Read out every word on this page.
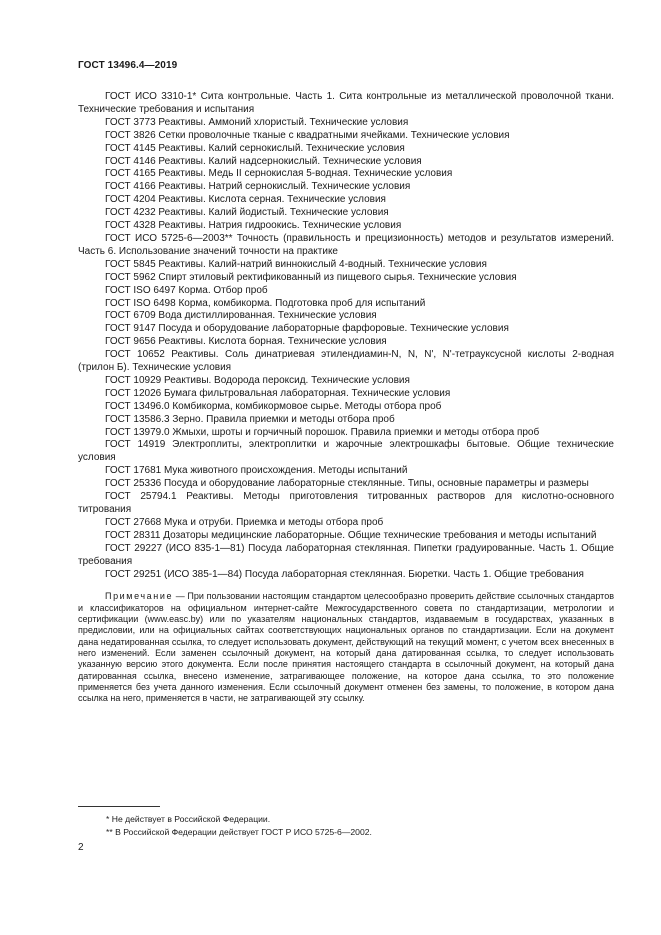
ГОСТ 13496.4—2019
ГОСТ ИСО 3310-1* Сита контрольные. Часть 1. Сита контрольные из металлической проволочной ткани. Технические требования и испытания
ГОСТ 3773 Реактивы. Аммоний хлористый. Технические условия
ГОСТ 3826 Сетки проволочные тканые с квадратными ячейками. Технические условия
ГОСТ 4145 Реактивы. Калий сернокислый. Технические условия
ГОСТ 4146 Реактивы. Калий надсернокислый. Технические условия
ГОСТ 4165 Реактивы. Медь II сернокислая 5-водная. Технические условия
ГОСТ 4166 Реактивы. Натрий сернокислый. Технические условия
ГОСТ 4204 Реактивы. Кислота серная. Технические условия
ГОСТ 4232 Реактивы. Калий йодистый. Технические условия
ГОСТ 4328 Реактивы. Натрия гидроокись. Технические условия
ГОСТ ИСО 5725-6—2003** Точность (правильность и прецизионность) методов и результатов измерений. Часть 6. Использование значений точности на практике
ГОСТ 5845 Реактивы. Калий-натрий виннокислый 4-водный. Технические условия
ГОСТ 5962 Спирт этиловый ректификованный из пищевого сырья. Технические условия
ГОСТ ISO 6497 Корма. Отбор проб
ГОСТ ISO 6498 Корма, комбикорма. Подготовка проб для испытаний
ГОСТ 6709 Вода дистиллированная. Технические условия
ГОСТ 9147 Посуда и оборудование лабораторные фарфоровые. Технические условия
ГОСТ 9656 Реактивы. Кислота борная. Технические условия
ГОСТ 10652 Реактивы. Соль динатриевая этилендиамин-N, N, N', N'-тетрауксусной кислоты 2-водная (трилон Б). Технические условия
ГОСТ 10929 Реактивы. Водорода пероксид. Технические условия
ГОСТ 12026 Бумага фильтровальная лабораторная. Технические условия
ГОСТ 13496.0 Комбикорма, комбикормовое сырье. Методы отбора проб
ГОСТ 13586.3 Зерно. Правила приемки и методы отбора проб
ГОСТ 13979.0 Жмыхи, шроты и горчичный порошок. Правила приемки и методы отбора проб
ГОСТ 14919 Электроплиты, электроплитки и жарочные электрошкафы бытовые. Общие технические условия
ГОСТ 17681 Мука животного происхождения. Методы испытаний
ГОСТ 25336 Посуда и оборудование лабораторные стеклянные. Типы, основные параметры и размеры
ГОСТ 25794.1 Реактивы. Методы приготовления титрованных растворов для кислотно-основного титрования
ГОСТ 27668 Мука и отруби. Приемка и методы отбора проб
ГОСТ 28311 Дозаторы медицинские лабораторные. Общие технические требования и методы испытаний
ГОСТ 29227 (ИСО 835-1—81) Посуда лабораторная стеклянная. Пипетки градуированные. Часть 1. Общие требования
ГОСТ 29251 (ИСО 385-1—84) Посуда лабораторная стеклянная. Бюретки. Часть 1. Общие требования
Примечание — При пользовании настоящим стандартом целесообразно проверить действие ссылочных стандартов и классификаторов на официальном интернет-сайте Межгосударственного совета по стандартизации, метрологии и сертификации (www.easc.by) или по указателям национальных стандартов, издаваемым в государствах, указанных в предисловии, или на официальных сайтах соответствующих национальных органов по стандартизации. Если на документ дана недатированная ссылка, то следует использовать документ, действующий на текущий момент, с учетом всех внесенных в него изменений. Если заменен ссылочный документ, на который дана датированная ссылка, то следует использовать указанную версию этого документа. Если после принятия настоящего стандарта в ссылочный документ, на который дана датированная ссылка, внесено изменение, затрагивающее положение, на которое дана ссылка, то это положение применяется без учета данного изменения. Если ссылочный документ отменен без замены, то положение, в котором дана ссылка на него, применяется в части, не затрагивающей эту ссылку.
* Не действует в Российской Федерации.
** В Российской Федерации действует ГОСТ Р ИСО 5725-6—2002.
2
